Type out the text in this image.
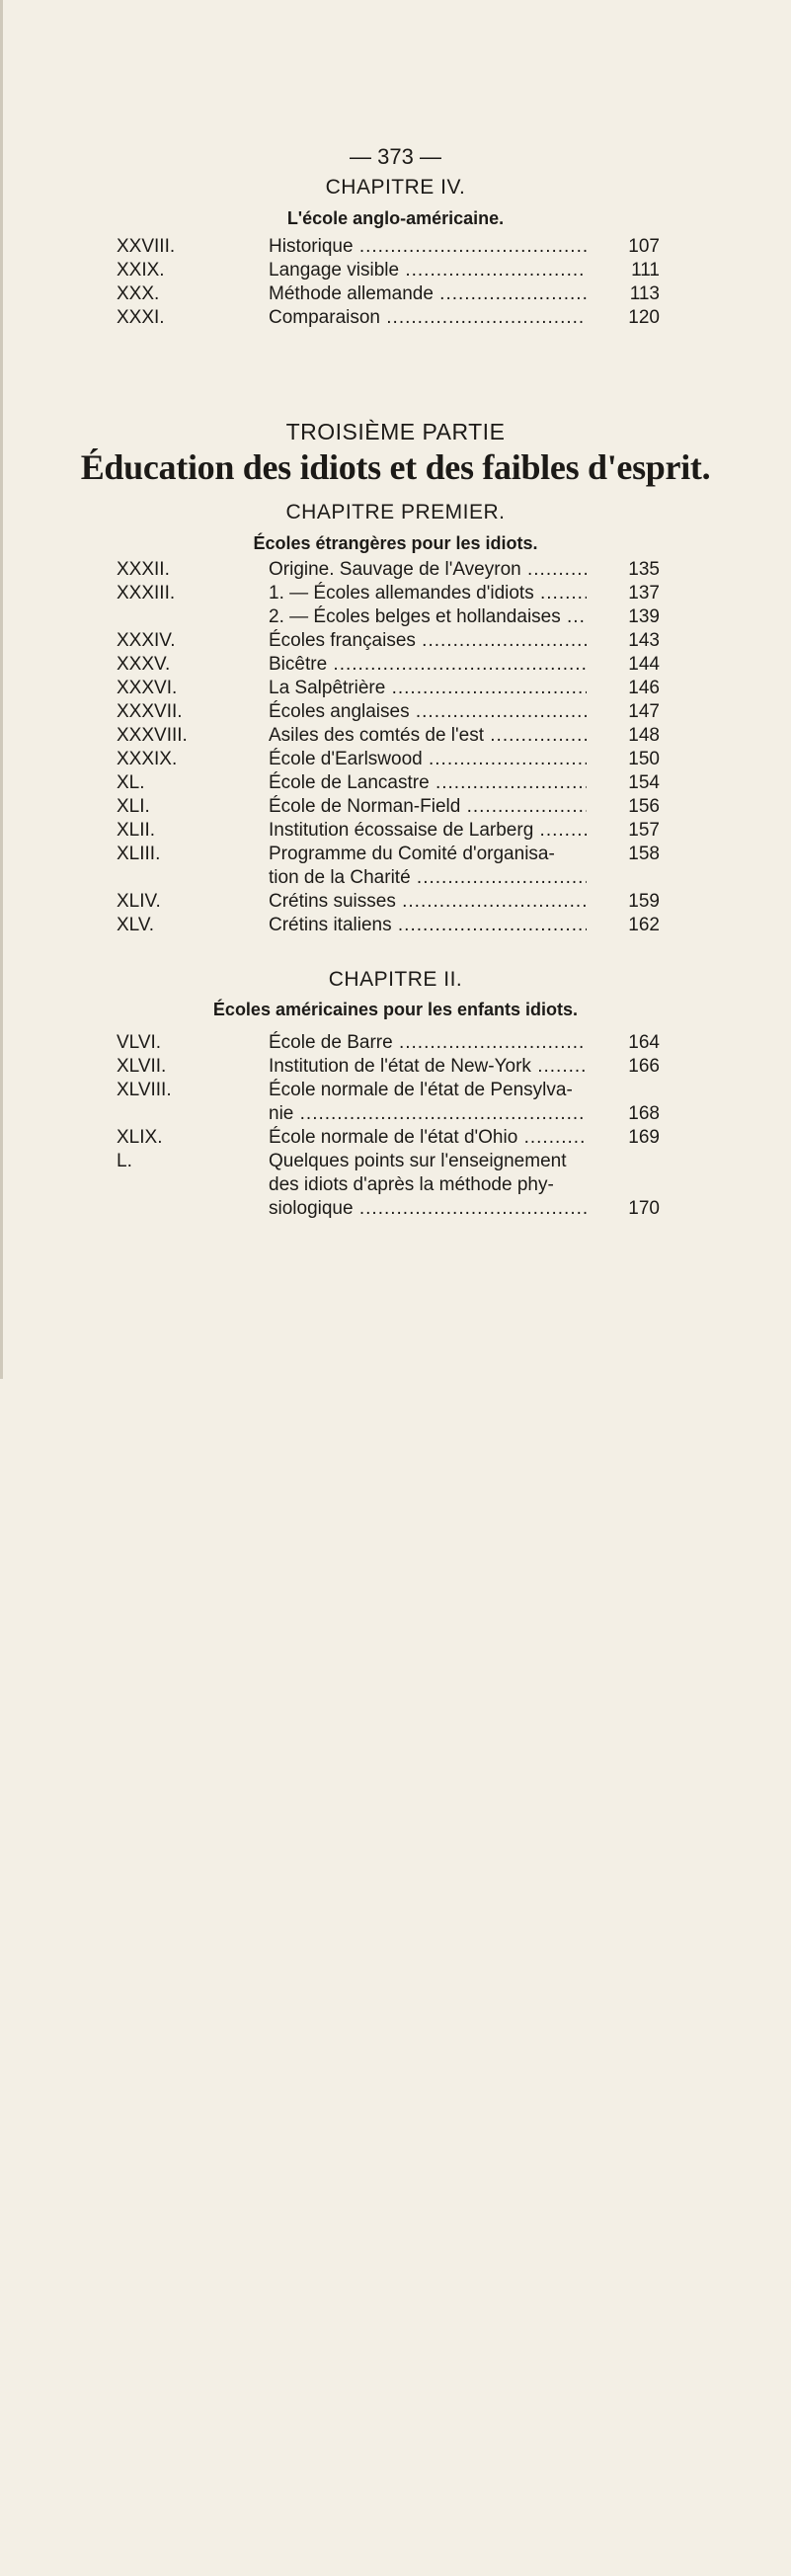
— 373 —
CHAPITRE IV.
L'école anglo-américaine.
XXVIII.	Historique .....	107
XXIX.	Langage visible .....	111
XXX.	Méthode allemande .....	113
XXXI.	Comparaison .....	120
TROISIÈME PARTIE
Éducation des idiots et des faibles d'esprit.
CHAPITRE PREMIER.
Écoles étrangères pour les idiots.
XXXII.	Origine. Sauvage de l'Aveyron .....	135
XXXIII.	1. — Écoles allemandes d'idiots .....	137
2. — Écoles belges et hollandaises .....	139
XXXIV.	Écoles françaises .....	143
XXXV.	Bicêtre .....	144
XXXVI.	La Salpêtrière .....	146
XXXVII.	Écoles anglaises .....	147
XXXVIII.	Asiles des comtés de l'est .....	148
XXXIX.	École d'Earlswood .....	150
XL.	École de Lancastre .....	154
XLI.	École de Norman-Field .....	156
XLII.	Institution écossaise de Larberg .....	157
XLIII.	Programme du Comité d'organisa-	158
tion de la Charité .....
XLIV.	Crétins suisses .....	159
XLV.	Crétins italiens .....	162
CHAPITRE II.
Écoles américaines pour les enfants idiots.
VLVI.	École de Barre .....	164
XLVII.	Institution de l'état de New-York .....	166
XLVIII.	École normale de l'état de Pensylva-
nie .....	168
XLIX.	École normale de l'état d'Ohio .....	169
L.	Quelques points sur l'enseignement
des idiots d'après la méthode phy-
siologique .....	170
